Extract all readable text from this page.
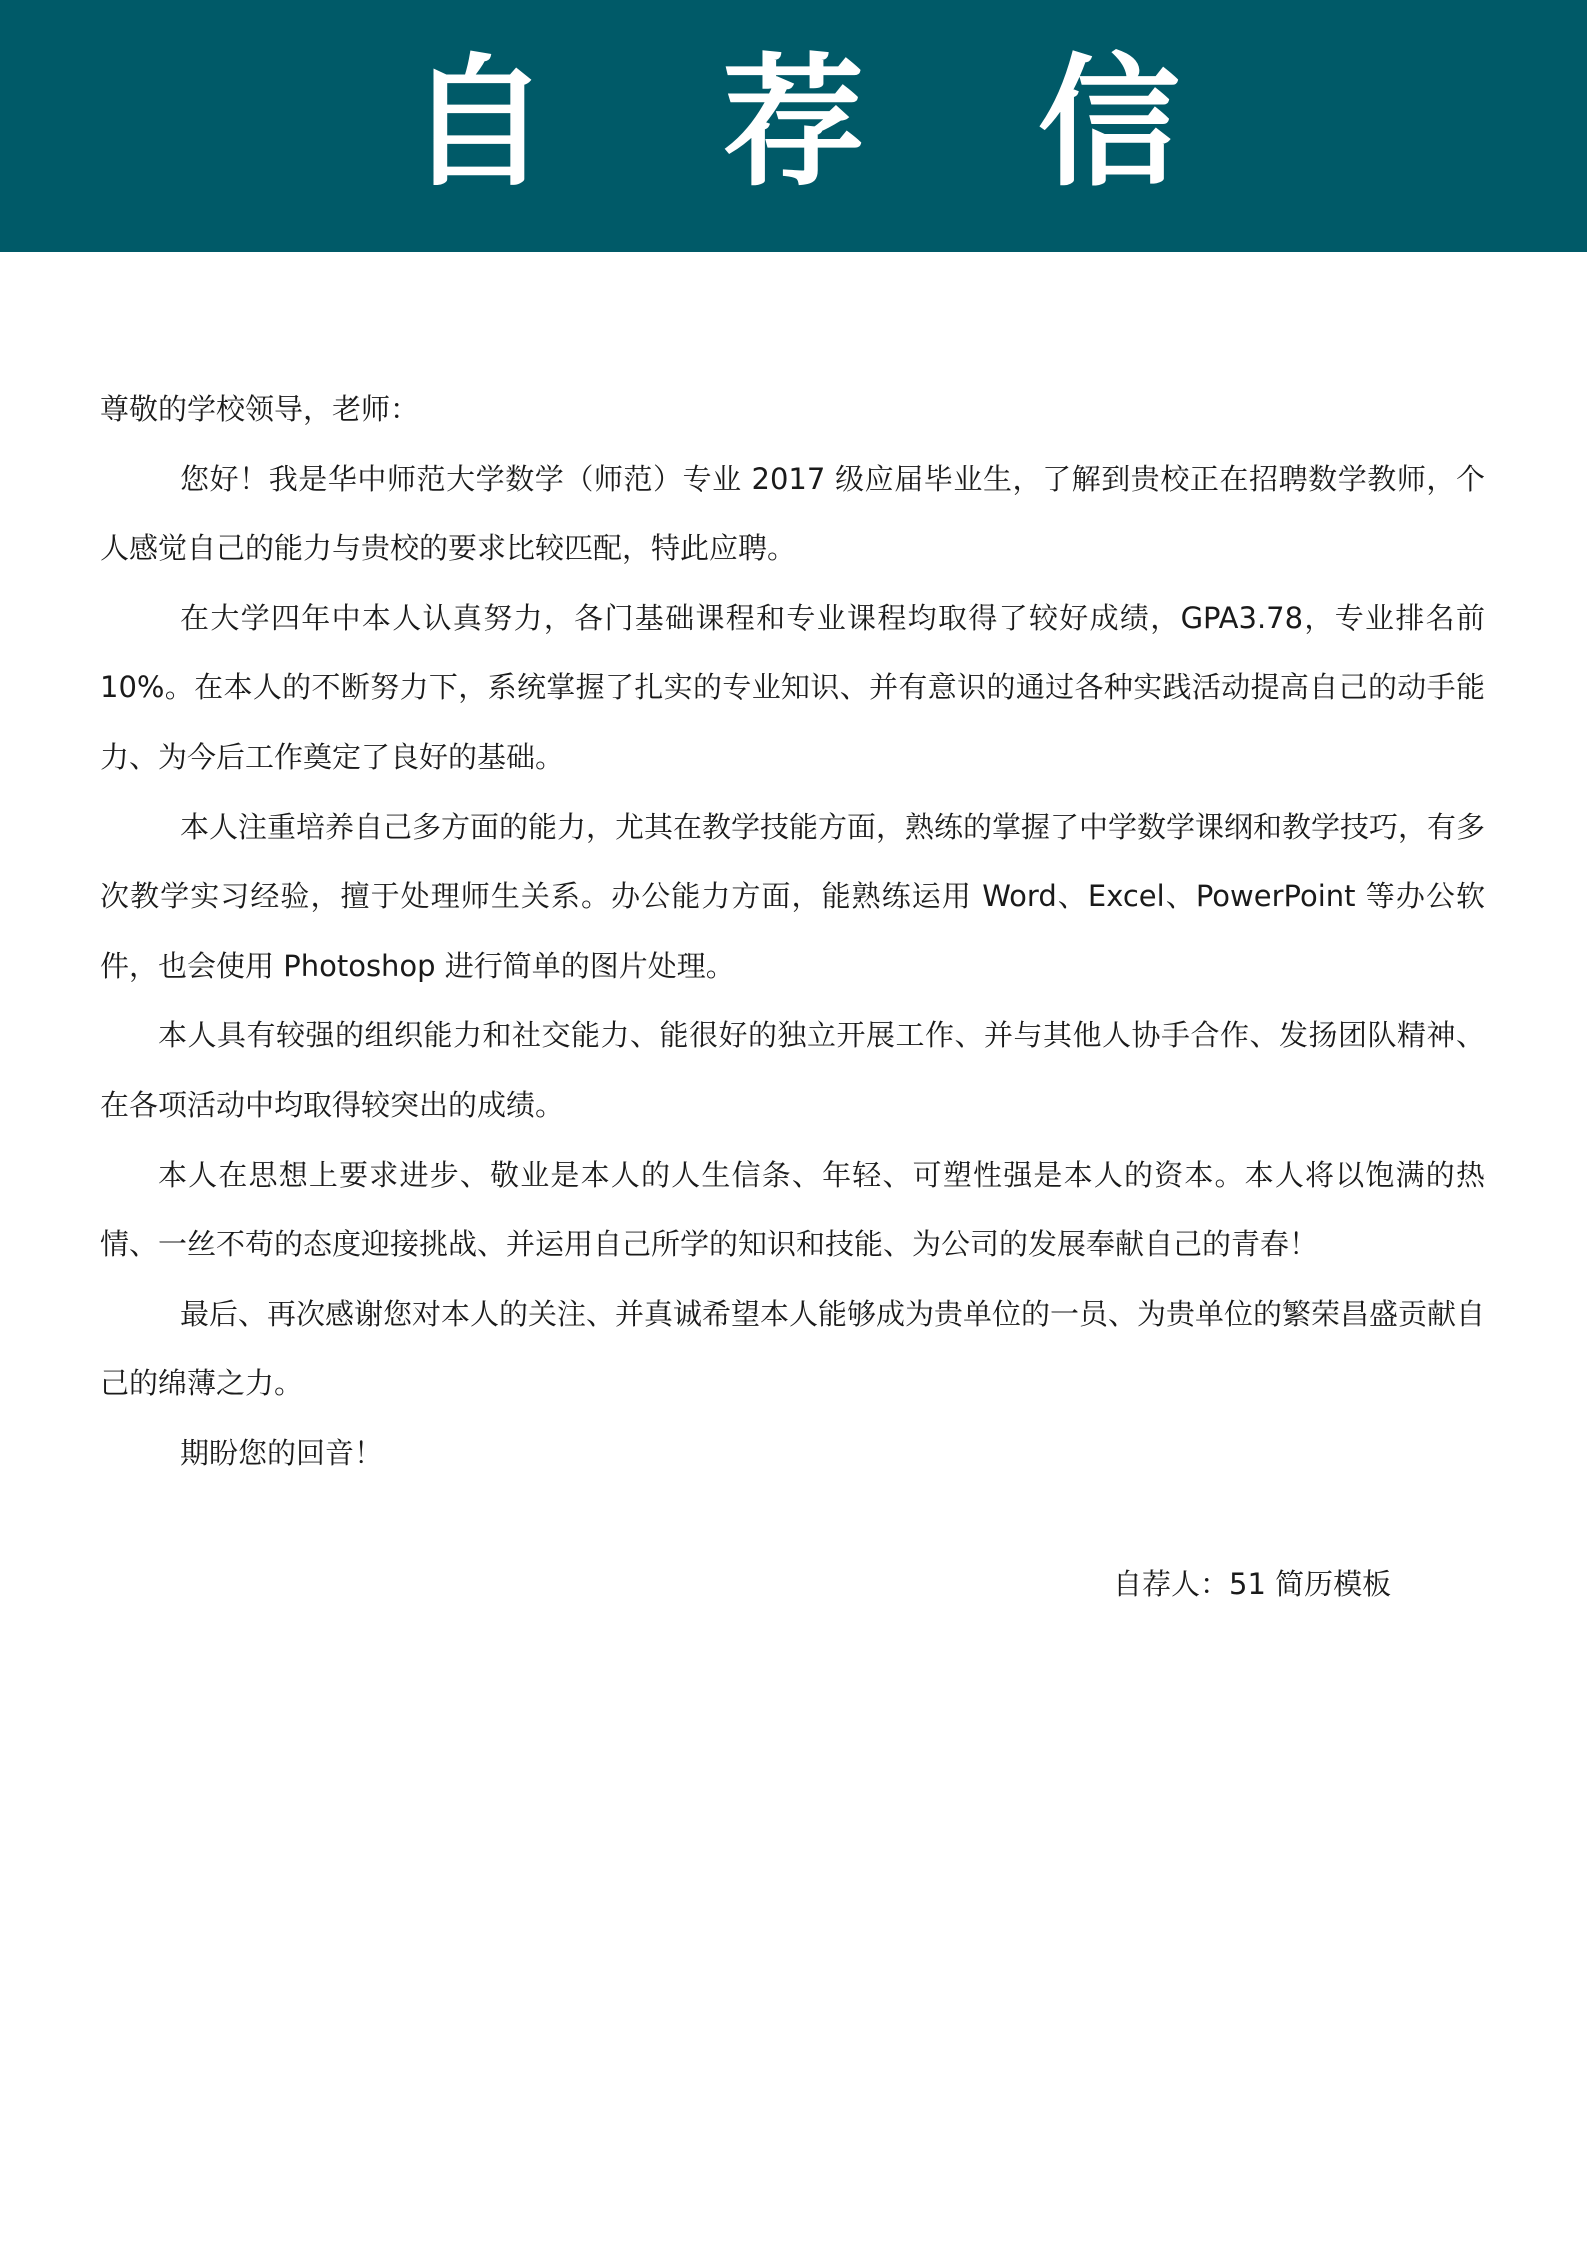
自 荐 信

尊敬的学校领导，老师：

您好！我是华中师范大学数学（师范）专业 2017 级应届毕业生，了解到贵校正在招聘数学教师，个人感觉自己的能力与贵校的要求比较匹配，特此应聘。

在大学四年中本人认真努力，各门基础课程和专业课程均取得了较好成绩，GPA3.78，专业排名前 10%。在本人的不断努力下，系统掌握了扎实的专业知识、并有意识的通过各种实践活动提高自己的动手能力、为今后工作奠定了良好的基础。

本人注重培养自己多方面的能力，尤其在教学技能方面，熟练的掌握了中学数学课纲和教学技巧，有多次教学实习经验，擅于处理师生关系。办公能力方面，能熟练运用 Word、Excel、PowerPoint 等办公软件，也会使用 Photoshop 进行简单的图片处理。

本人具有较强的组织能力和社交能力、能很好的独立开展工作、并与其他人协手合作、发扬团队精神、在各项活动中均取得较突出的成绩。

本人在思想上要求进步、敬业是本人的人生信条、年轻、可塑性强是本人的资本。本人将以饱满的热情、一丝不苟的态度迎接挑战、并运用自己所学的知识和技能、为公司的发展奉献自己的青春！

最后、再次感谢您对本人的关注、并真诚希望本人能够成为贵单位的一员、为贵单位的繁荣昌盛贡献自己的绵薄之力。

期盼您的回音！

自荐人：51 简历模板
